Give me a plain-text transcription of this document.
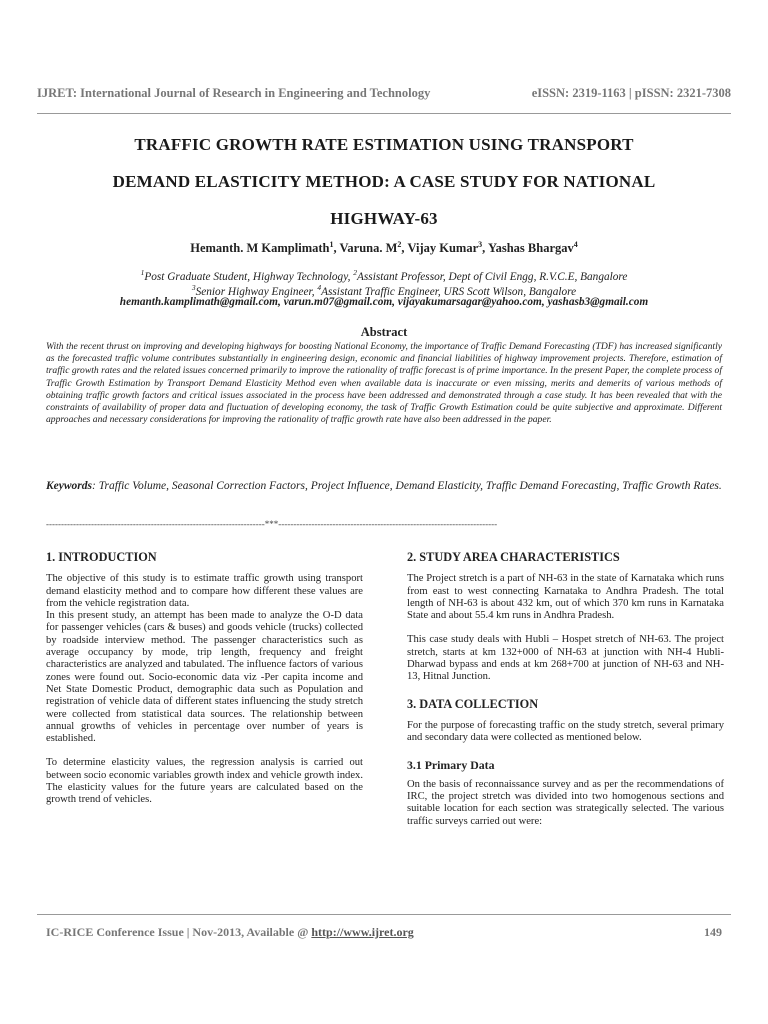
IJRET: International Journal of Research in Engineering and Technology	eISSN: 2319-1163 | pISSN: 2321-7308
TRAFFIC GROWTH RATE ESTIMATION USING TRANSPORT
DEMAND ELASTICITY METHOD: A CASE STUDY FOR NATIONAL
HIGHWAY-63
Hemanth. M Kamplimath$^1$, Varuna. $M^2$, Vijay Kumar$^3$, Yashas Bhargav$^4$
$^1$Post Graduate Student, Highway Technology, $^2$Assistant Professor, Dept of Civil Engg, R.V.C.E, Bangalore
$^3$Senior Highway Engineer, $^4$Assistant Traffic Engineer, URS Scott Wilson, Bangalore
hemanth.kamplimath@gmail.com, varun.m07@gmail.com, vijayakumarsagar@yahoo.com, yashasb3@gmail.com
Abstract
With the recent thrust on improving and developing highways for boosting National Economy, the importance of Traffic Demand Forecasting (TDF) has increased significantly as the forecasted traffic volume contributes substantially in engineering design, economic and financial liabilities of highway improvement projects. Therefore, estimation of traffic growth rates and the related issues concerned primarily to improve the rationality of traffic forecast is of prime importance. In the present Paper, the complete process of Traffic Growth Estimation by Transport Demand Elasticity Method even when available data is inaccurate or even missing, merits and demerits of various methods of obtaining traffic growth factors and critical issues associated in the process have been addressed and demonstrated through a case study. It has been revealed that with the constraints of availability of proper data and fluctuation of developing economy, the task of Traffic Growth Estimation could be quite subjective and approximate. Different approaches and necessary considerations for improving the rationality of traffic growth rate have also been addressed in the paper.
Keywords: Traffic Volume, Seasonal Correction Factors, Project Influence, Demand Elasticity, Traffic Demand Forecasting, Traffic Growth Rates.
-------------------------------------------------------------------------***-------------------------------------------------------------------------
1. INTRODUCTION

The objective of this study is to estimate traffic growth using transport demand elasticity method and to compare how different these values are from the vehicle registration data.

In this present study, an attempt has been made to analyze the O-D data for passenger vehicles (cars & buses) and goods vehicle (trucks) collected by roadside interview method. The passenger characteristics such as average occupancy by mode, trip length, frequency and freight characteristics are analyzed and tabulated. The influence factors of various zones were found out. Socio-economic data viz -Per capita income and Net State Domestic Product, demographic data such as Population and registration of vehicle data of different states influencing the study stretch were collected from statistical data sources. The relationship between annual growths of vehicles in percentage over number of years is established.

To determine elasticity values, the regression analysis is carried out between socio economic variables growth index and vehicle growth index. The elasticity values for the future years are calculated based on the growth trend of vehicles.

2. STUDY AREA CHARACTERISTICS

The Project stretch is a part of NH-63 in the state of Karnataka which runs from east to west connecting Karnataka to Andhra Pradesh. The total length of NH-63 is about 432 km, out of which 370 km runs in Karnataka State and about 55.4 km runs in Andhra Pradesh.

This case study deals with Hubli – Hospet stretch of NH-63. The project stretch, starts at km 132+000 of NH-63 at junction with NH-4 Hubli-Dharwad bypass and ends at km 268+700 at junction of NH-63 and NH-13, Hitnal Junction.

3. DATA COLLECTION

For the purpose of forecasting traffic on the study stretch, several primary and secondary data were collected as mentioned below.

3.1 Primary Data

On the basis of reconnaissance survey and as per the recommendations of IRC, the project stretch was divided into two homogenous sections and suitable location for each section was strategically selected. The various traffic surveys carried out were:

IC-RICE Conference Issue | Nov-2013, Available @ http://www.ijret.org	149
